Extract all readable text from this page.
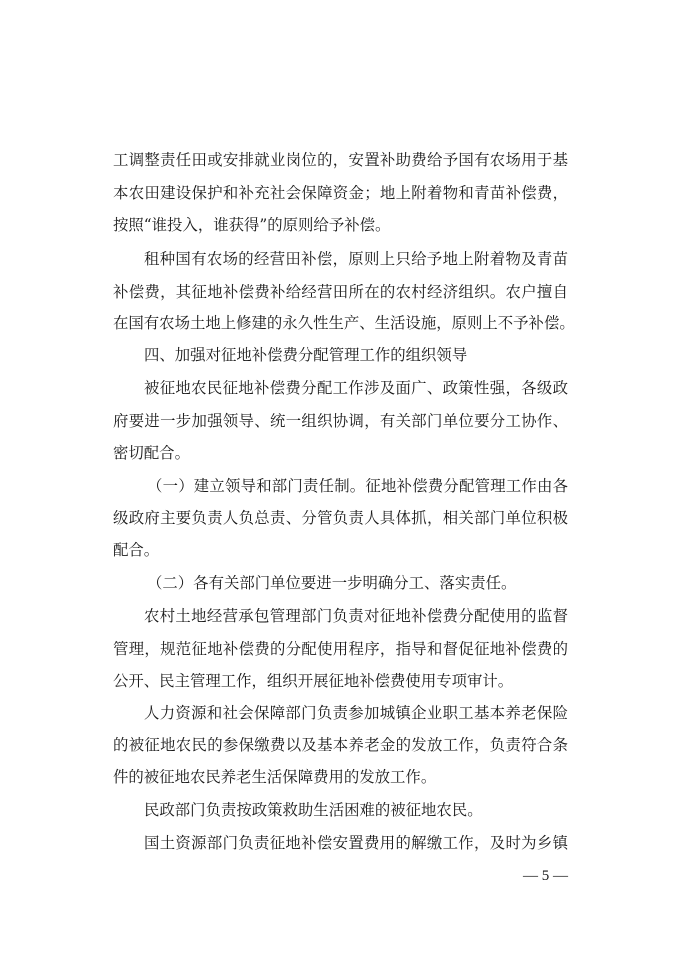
工调整责任田或安排就业岗位的，安置补助费给予国有农场用于基
本农田建设保护和补充社会保障资金；地上附着物和青苗补偿费，
按照“谁投入，谁获得”的原则给予补偿。
租种国有农场的经营田补偿，原则上只给予地上附着物及青苗
补偿费，其征地补偿费补给经营田所在的农村经济组织。农户擅自
在国有农场土地上修建的永久性生产、生活设施，原则上不予补偿。
四、加强对征地补偿费分配管理工作的组织领导
被征地农民征地补偿费分配工作涉及面广、政策性强，各级政
府要进一步加强领导、统一组织协调，有关部门单位要分工协作、
密切配合。
（一）建立领导和部门责任制。征地补偿费分配管理工作由各
级政府主要负责人负总责、分管负责人具体抓，相关部门单位积极
配合。
（二）各有关部门单位要进一步明确分工、落实责任。
农村土地经营承包管理部门负责对征地补偿费分配使用的监督
管理，规范征地补偿费的分配使用程序，指导和督促征地补偿费的
公开、民主管理工作，组织开展征地补偿费使用专项审计。
人力资源和社会保障部门负责参加城镇企业职工基本养老保险
的被征地农民的参保缴费以及基本养老金的发放工作，负责符合条
件的被征地农民养老生活保障费用的发放工作。
民政部门负责按政策救助生活困难的被征地农民。
国土资源部门负责征地补偿安置费用的解缴工作，及时为乡镇
— 5 —
